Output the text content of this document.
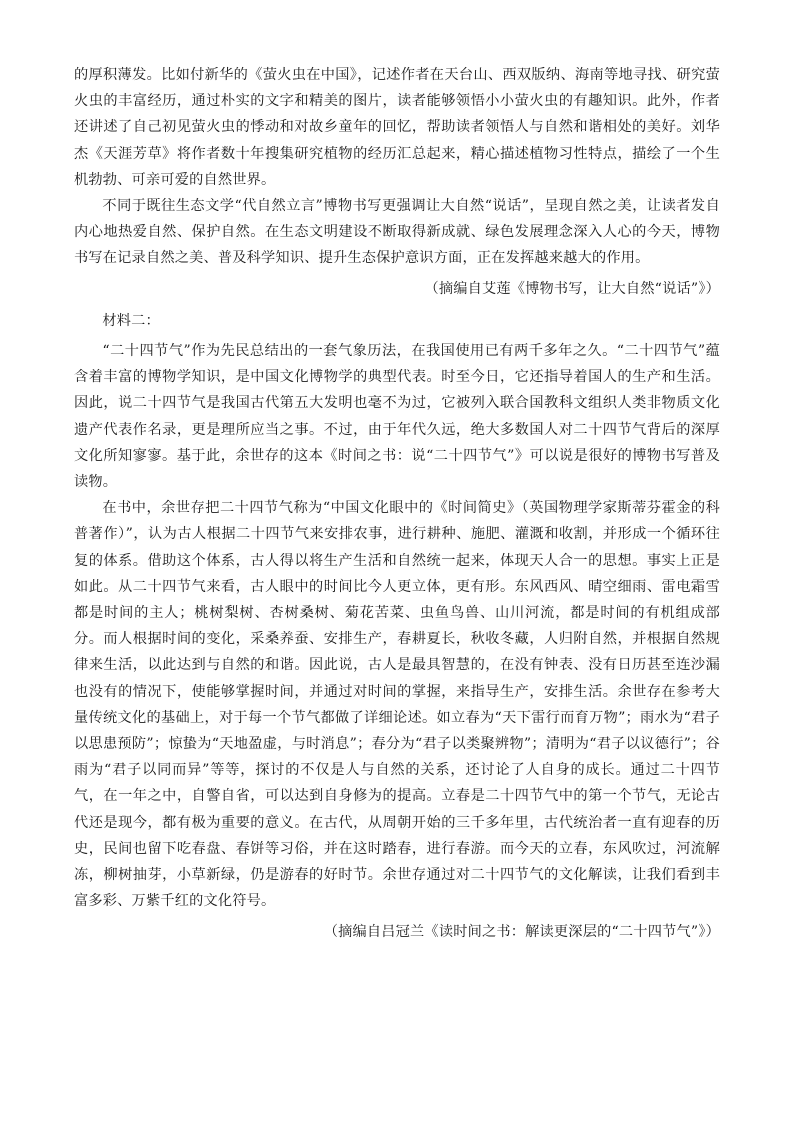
的厚积薄发。比如付新华的《萤火虫在中国》，记述作者在天台山、西双版纳、海南等地寻找、研究萤火虫的丰富经历，通过朴实的文字和精美的图片，读者能够领悟小小萤火虫的有趣知识。此外，作者还讲述了自己初见萤火虫的悸动和对故乡童年的回忆，帮助读者领悟人与自然和谐相处的美好。刘华杰《天涯芳草》将作者数十年搜集研究植物的经历汇总起来，精心描述植物习性特点，描绘了一个生机勃勃、可亲可爱的自然世界。

不同于既往生态文学“代自然立言”博物书写更强调让大自然“说话”，呈现自然之美，让读者发自内心地热爱自然、保护自然。在生态文明建设不断取得新成就、绿色发展理念深入人心的今天，博物书写在记录自然之美、普及科学知识、提升生态保护意识方面，正在发挥越来越大的作用。

（摘编自艾莲《博物书写，让大自然“说话”》）

材料二：

“二十四节气”作为先民总结出的一套气象历法，在我国使用已有两千多年之久。“二十四节气”蕴含着丰富的博物学知识，是中国文化博物学的典型代表。时至今日，它还指导着国人的生产和生活。因此，说二十四节气是我国古代第五大发明也毫不为过，它被列入联合国教科文组织人类非物质文化遗产代表作名录，更是理所应当之事。不过，由于年代久远，绝大多数国人对二十四节气背后的深厚文化所知寥寥。基于此，余世存的这本《时间之书：说“二十四节气”》可以说是很好的博物书写普及读物。

在书中，余世存把二十四节气称为“中国文化眼中的《时间简史》（英国物理学家斯蒂芬霍金的科普著作）”，认为古人根据二十四节气来安排农事，进行耕种、施肥、灌溉和收割，并形成一个循环往复的体系。借助这个体系，古人得以将生产生活和自然统一起来，体现天人合一的思想。事实上正是如此。从二十四节气来看，古人眼中的时间比今人更立体，更有形。东风西风、晴空细雨、雷电霜雪都是时间的主人；桃树梨树、杏树桑树、菊花苦菜、虫鱼鸟兽、山川河流，都是时间的有机组成部分。而人根据时间的变化，采桑养蚕、安排生产，春耕夏长，秋收冬藏，人归附自然，并根据自然规律来生活，以此达到与自然的和谐。因此说，古人是最具智慧的，在没有钟表、没有日历甚至连沙漏也没有的情况下，使能够掌握时间，并通过对时间的掌握，来指导生产，安排生活。余世存在参考大量传统文化的基础上，对于每一个节气都做了详细论述。如立春为“天下雷行而育万物”；雨水为“君子以思患预防”；惊蛰为“天地盈虚，与时消息”；春分为“君子以类聚辨物”；清明为“君子以议德行”；谷雨为“君子以同而异”等等，探讨的不仅是人与自然的关系，还讨论了人自身的成长。通过二十四节气，在一年之中，自警自省，可以达到自身修为的提高。立春是二十四节气中的第一个节气，无论古代还是现今，都有极为重要的意义。在古代，从周朝开始的三千多年里，古代统治者一直有迎春的历史，民间也留下吃春盘、春饼等习俗，并在这时踏春，进行春游。而今天的立春，东风吹过，河流解冻，柳树抽芽，小草新绿，仍是游春的好时节。余世存通过对二十四节气的文化解读，让我们看到丰富多彩、万紫千红的文化符号。

（摘编自吕冠兰《读时间之书：解读更深层的“二十四节气”》）
